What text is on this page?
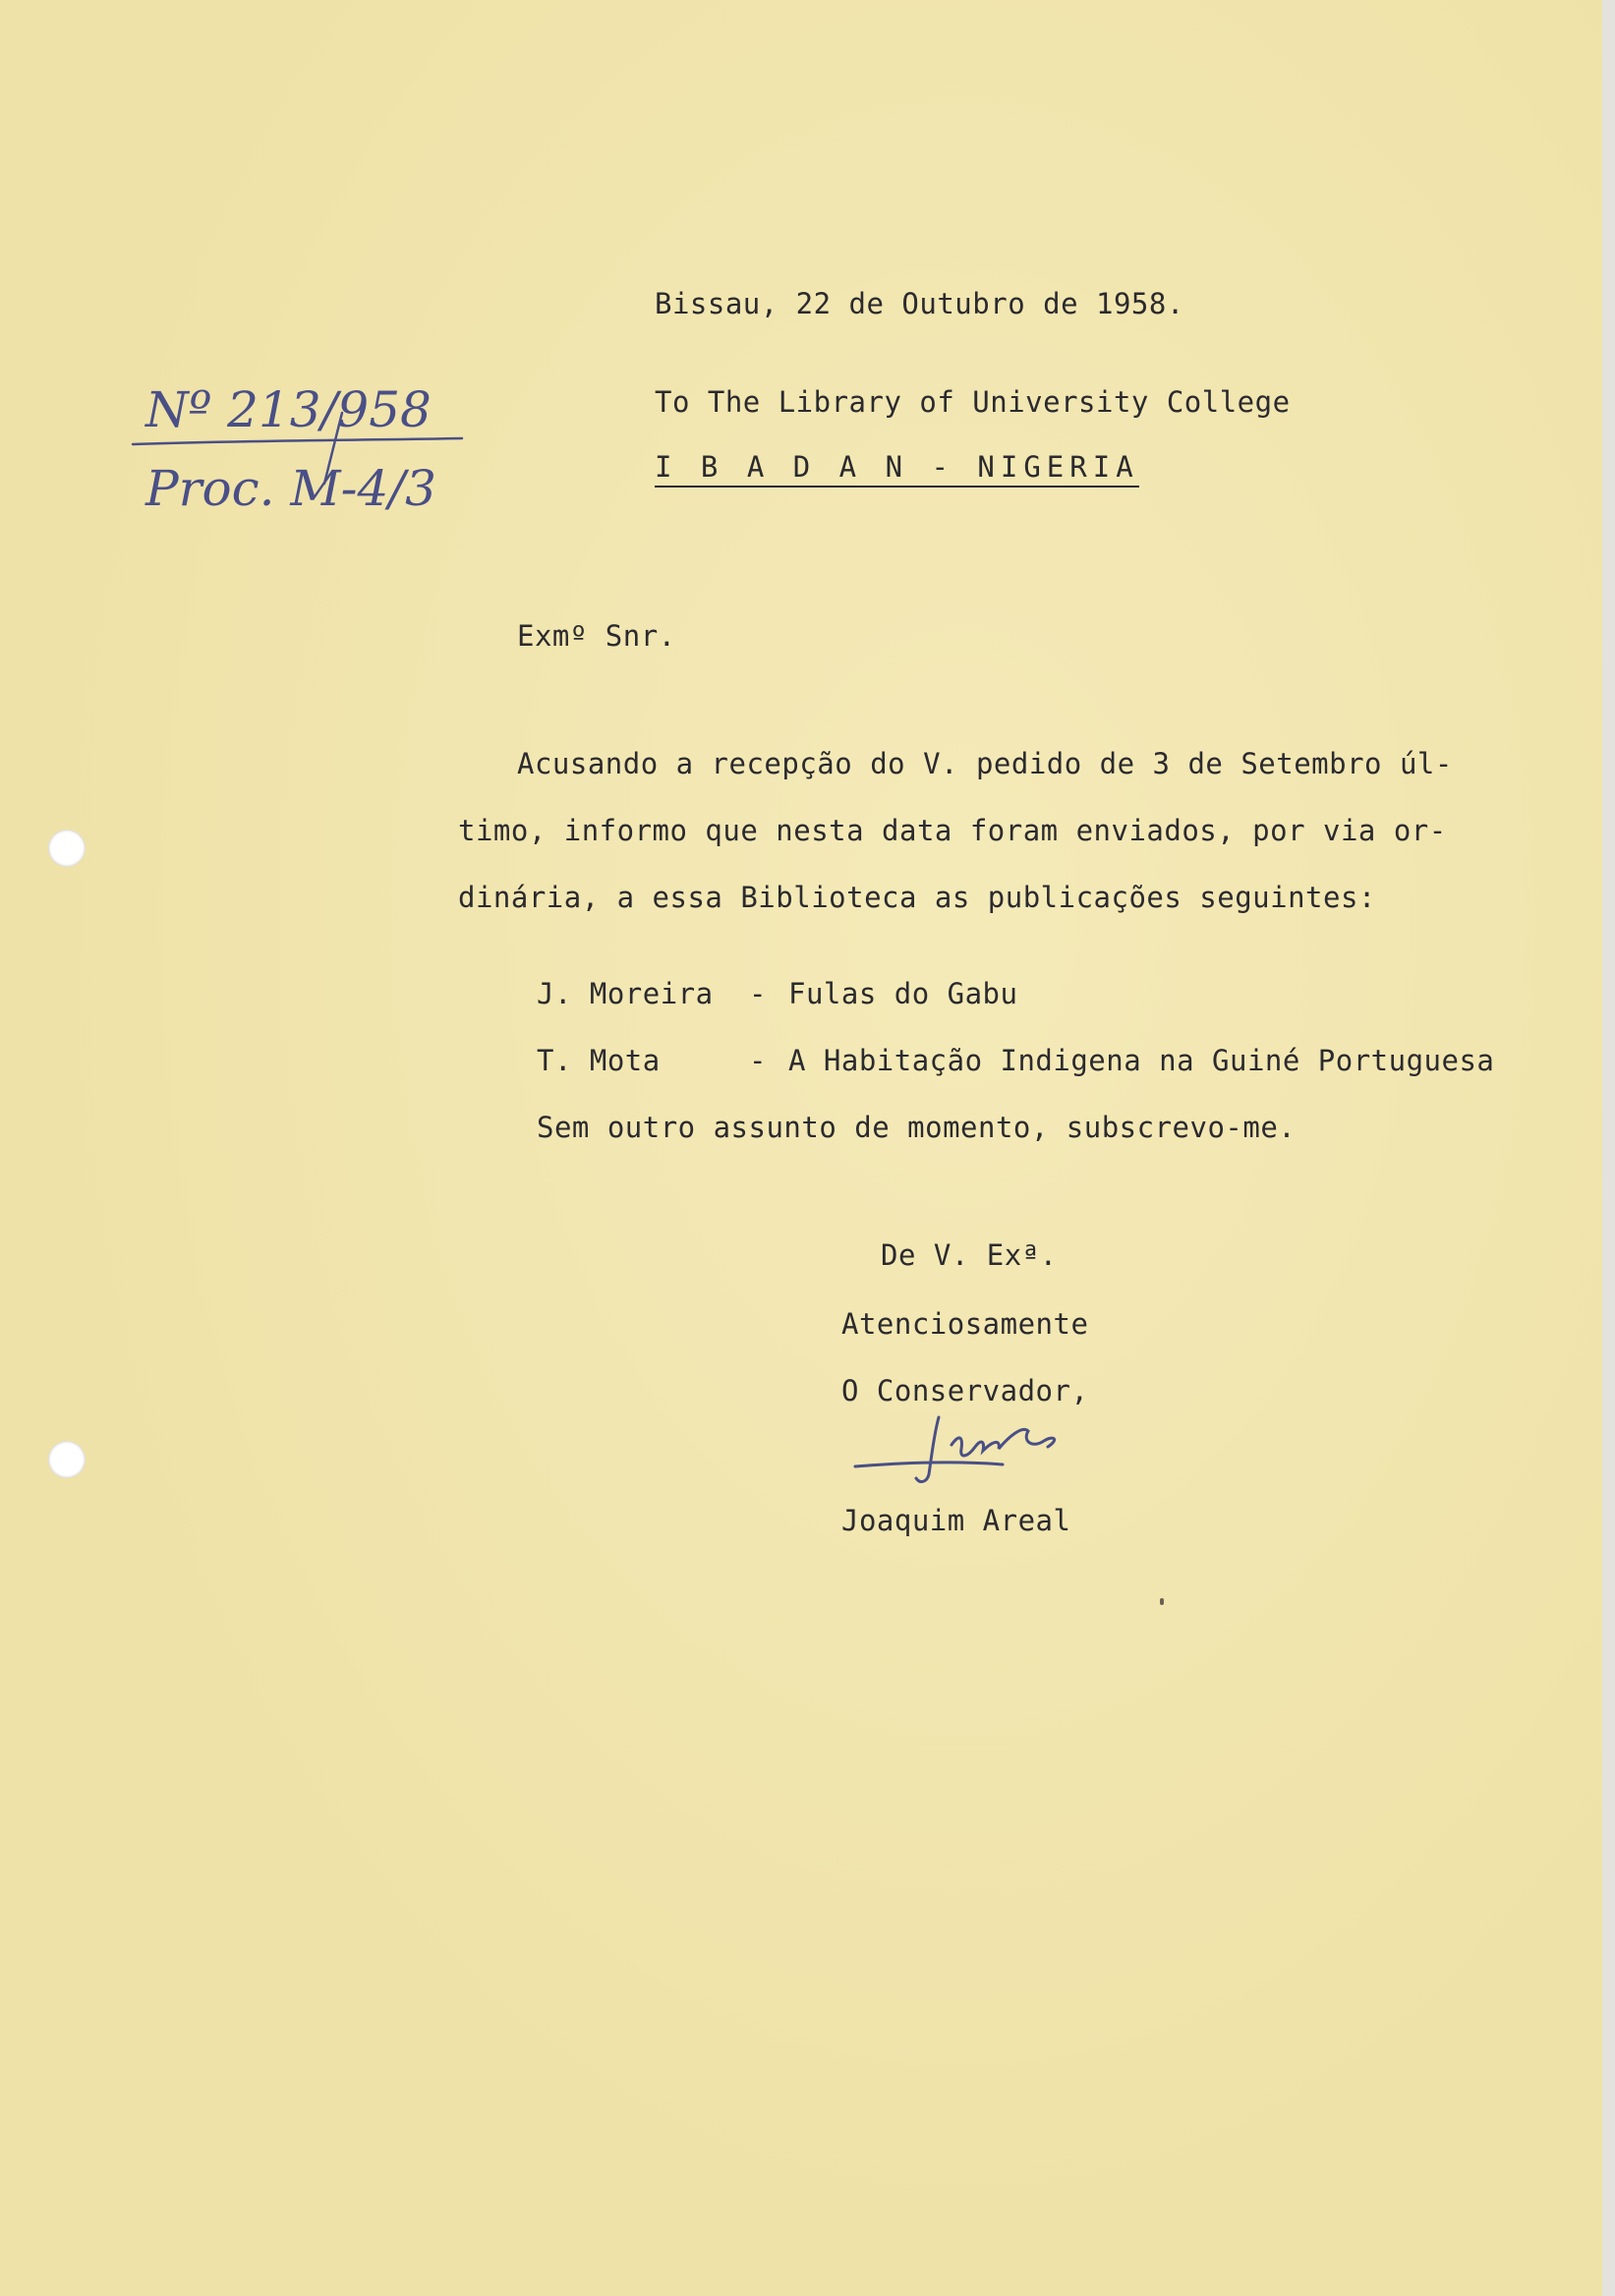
Bissau, 22 de Outubro de 1958.
To The Library of University College
I B A D A N - NIGERIA
Exmº Snr.
Acusando a recepção do V. pedido de 3 de Setembro úl-
timo, informo que nesta data foram enviados, por via or-
dinária, a essa Biblioteca as publicações seguintes:
J. Moreira - Fulas do Gabu
T. Mota	- A Habitação Indigena na Guiné Portuguesa
Sem outro assunto de momento, subscrevo-me.
De V. Exª.
Atenciosamente
O Conservador,
Joaquim Areal
Nº 213/958
Proc. M-4/3
